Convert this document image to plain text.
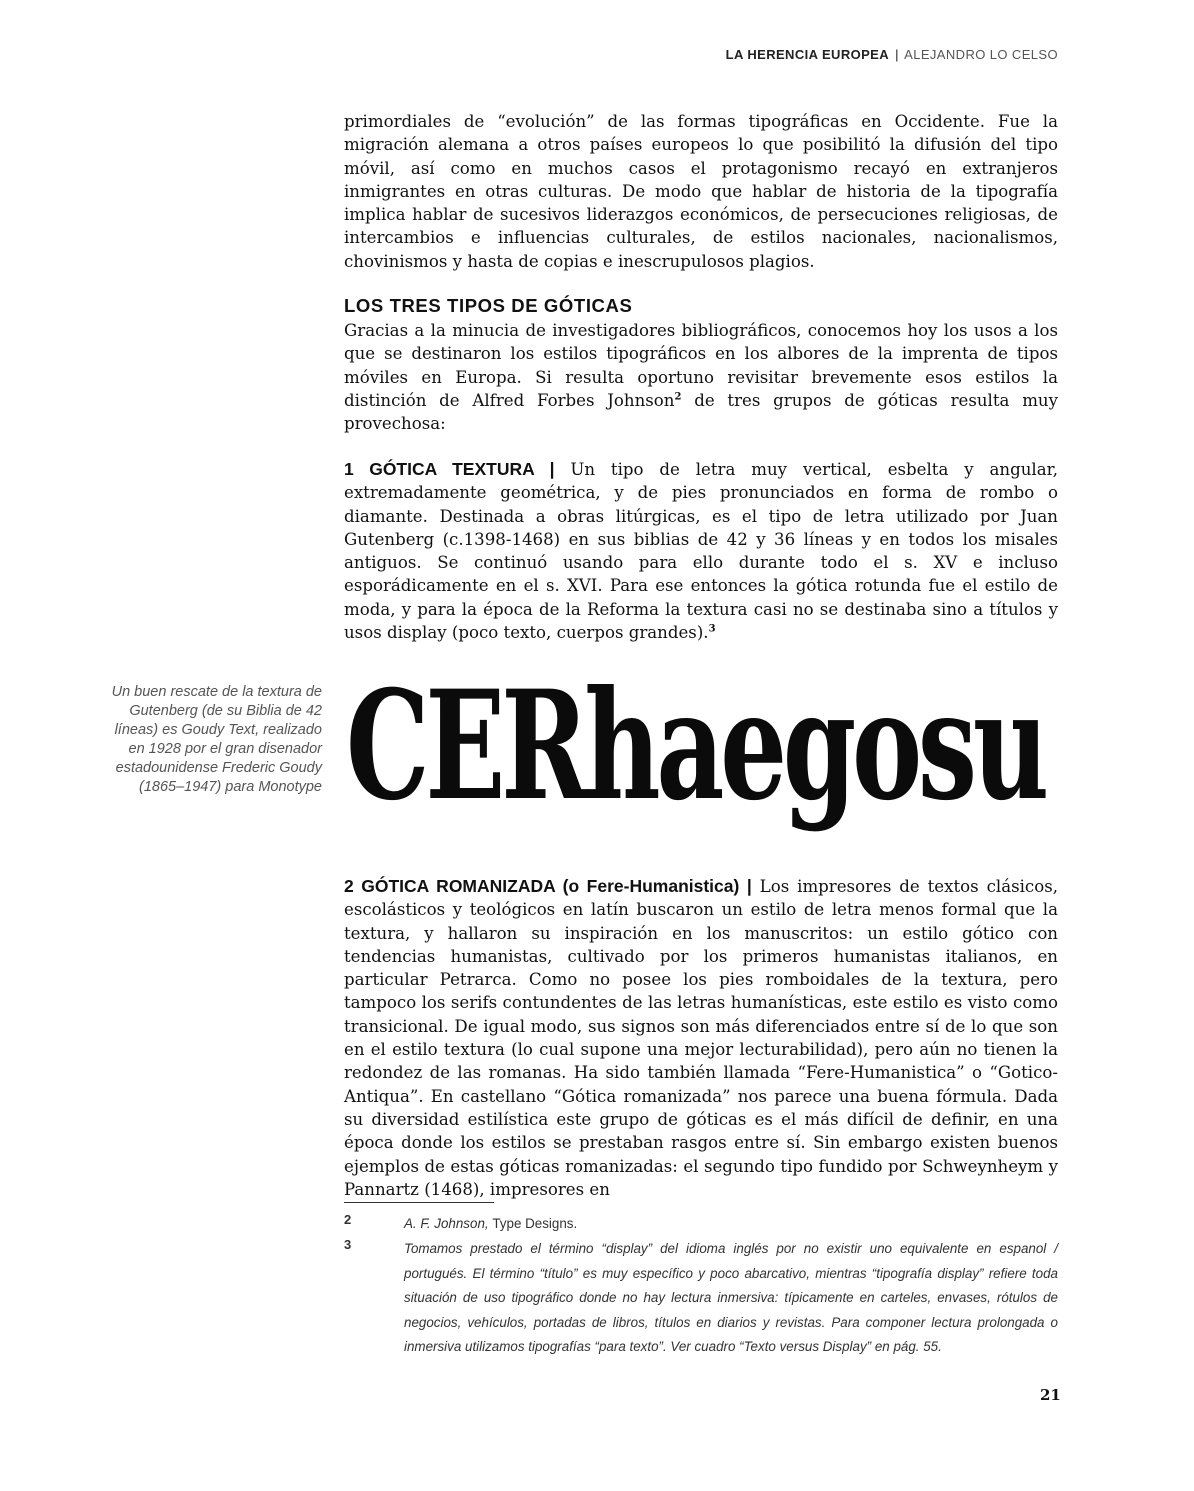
LA HERENCIA EUROPEA | ALEJANDRO LO CELSO

primordiales de “evolución” de las formas tipográficas en Occidente. Fue la migración alemana a otros países europeos lo que posibilitó la difusión del tipo móvil, así como en muchos casos el protagonismo recayó en extranjeros inmigrantes en otras culturas. De modo que hablar de historia de la tipografía implica hablar de sucesivos liderazgos económicos, de persecuciones religiosas, de intercambios e influencias culturales, de estilos nacionales, nacionalismos, chovinismos y hasta de copias e inescrupulosos plagios.

LOS TRES TIPOS DE GÓTICAS

Gracias a la minucia de investigadores bibliográficos, conocemos hoy los usos a los que se destinaron los estilos tipográficos en los albores de la imprenta de tipos móviles en Europa. Si resulta oportuno revisitar brevemente esos estilos la distinción de Alfred Forbes Johnson$^2$ de tres grupos de góticas resulta muy provechosa:

1 GÓTICA TEXTURA | Un tipo de letra muy vertical, esbelta y angular, extremadamente geométrica, y de pies pronunciados en forma de rombo o diamante. Destinada a obras litúrgicas, es el tipo de letra utilizado por Juan Gutenberg (c.1398-1468) en sus biblias de 42 y 36 líneas y en todos los misales antiguos. Se continuó usando para ello durante todo el s. XV e incluso esporádicamente en el s. XVI. Para ese entonces la gótica rotunda fue el estilo de moda, y para la época de la Reforma la textura casi no se destinaba sino a títulos y usos display (poco texto, cuerpos grandes).$^3$

Un buen rescate de la textura de Gutenberg (de su Biblia de 42 líneas) es Goudy Text, realizado en 1928 por el gran disenador estadounidense Frederic Goudy (1865–1947) para Monotype CERhaegosu

2 GÓTICA ROMANIZADA (o Fere-Humanistica) | Los impresores de textos clásicos, escolásticos y teológicos en latín buscaron un estilo de letra menos formal que la textura, y hallaron su inspiración en los manuscritos: un estilo gótico con tendencias humanistas, cultivado por los primeros humanistas italianos, en particular Petrarca. Como no posee los pies romboidales de la textura, pero tampoco los serifs contundentes de las letras humanísticas, este estilo es visto como transicional. De igual modo, sus signos son más diferenciados entre sí de lo que son en el estilo textura (lo cual supone una mejor lecturabilidad), pero aún no tienen la redondez de las romanas. Ha sido también llamada “Fere-Humanistica” o “Gotico-Antiqua”. En castellano “Gótica romanizada” nos parece una buena fórmula. Dada su diversidad estilística este grupo de góticas es el más difícil de definir, en una época donde los estilos se prestaban rasgos entre sí. Sin embargo existen buenos ejemplos de estas góticas romanizadas: el segundo tipo fundido por Schweynheym y Pannartz (1468), impresores en

2	A. F. Johnson, Type Designs.
3	Tomamos prestado el término “display” del idioma inglés por no existir uno equivalente en espanol / portugués. El término “título” es muy específico y poco abarcativo, mientras “tipografía display” refiere toda situación de uso tipográfico donde no hay lectura inmersiva: típicamente en carteles, envases, rótulos de negocios, vehículos, portadas de libros, títulos en diarios y revistas. Para componer lectura prolongada o inmersiva utilizamos tipografías “para texto”. Ver cuadro “Texto versus Display” en pág. 55.

21
